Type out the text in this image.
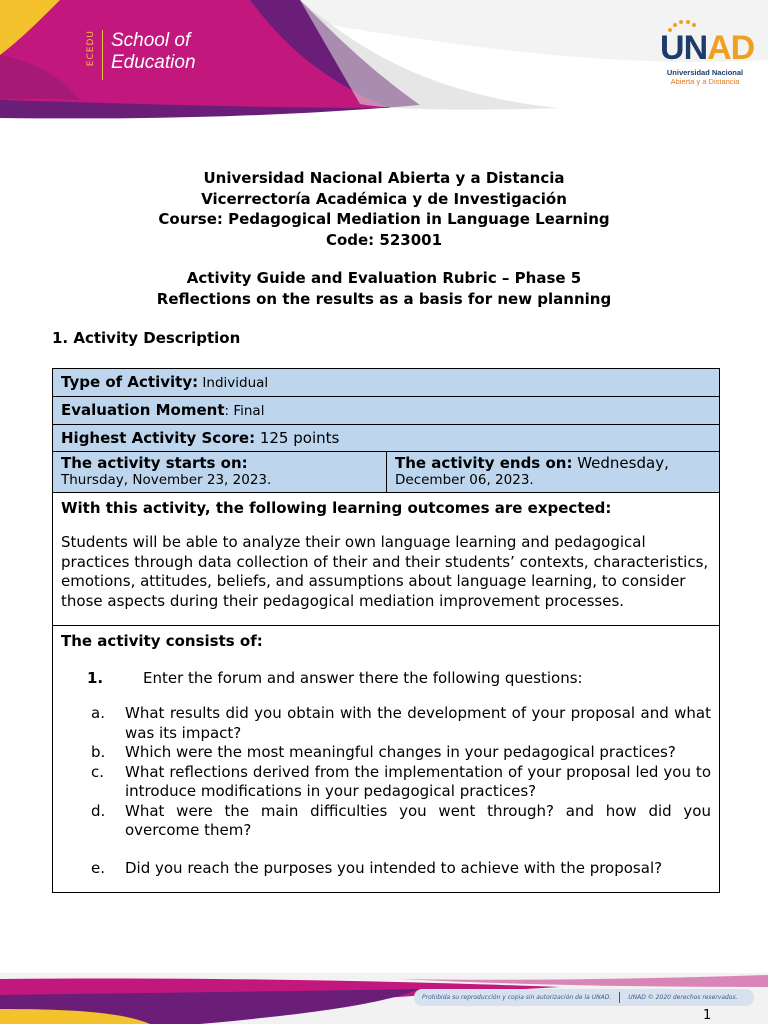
ECEDU School of
Education	UNAD
Universidad Nacional
Abierta y a Distancia
Universidad Nacional Abierta y a Distancia
Vicerrectoría Académica y de Investigación
Course: Pedagogical Mediation in Language Learning
Code: 523001
Activity Guide and Evaluation Rubric – Phase 5
Reflections on the results as a basis for new planning
1. Activity Description
Type of Activity: Individual
Evaluation Moment: Final
Highest Activity Score: 125 points
The activity starts on:
Thursday, November 23, 2023.
The activity ends on: Wednesday,
December 06, 2023.
With this activity, the following learning outcomes are expected:
Students will be able to analyze their own language learning and pedagogical practices through data collection of their and their students’ contexts, characteristics, emotions, attitudes, beliefs, and assumptions about language learning, to consider those aspects during their pedagogical mediation improvement processes.
The activity consists of:
1.	Enter the forum and answer there the following questions:
a.	What results did you obtain with the development of your proposal and what was its impact?
b.	Which were the most meaningful changes in your pedagogical practices?
c.	What reflections derived from the implementation of your proposal led you to introduce modifications in your pedagogical practices?
d.	What were the main difficulties you went through? and how did you overcome them?
e.	Did you reach the purposes you intended to achieve with the proposal?
Prohibida su reproducción y copia sin autorización de la UNAD.	UNAD © 2020 derechos reservados.
1
